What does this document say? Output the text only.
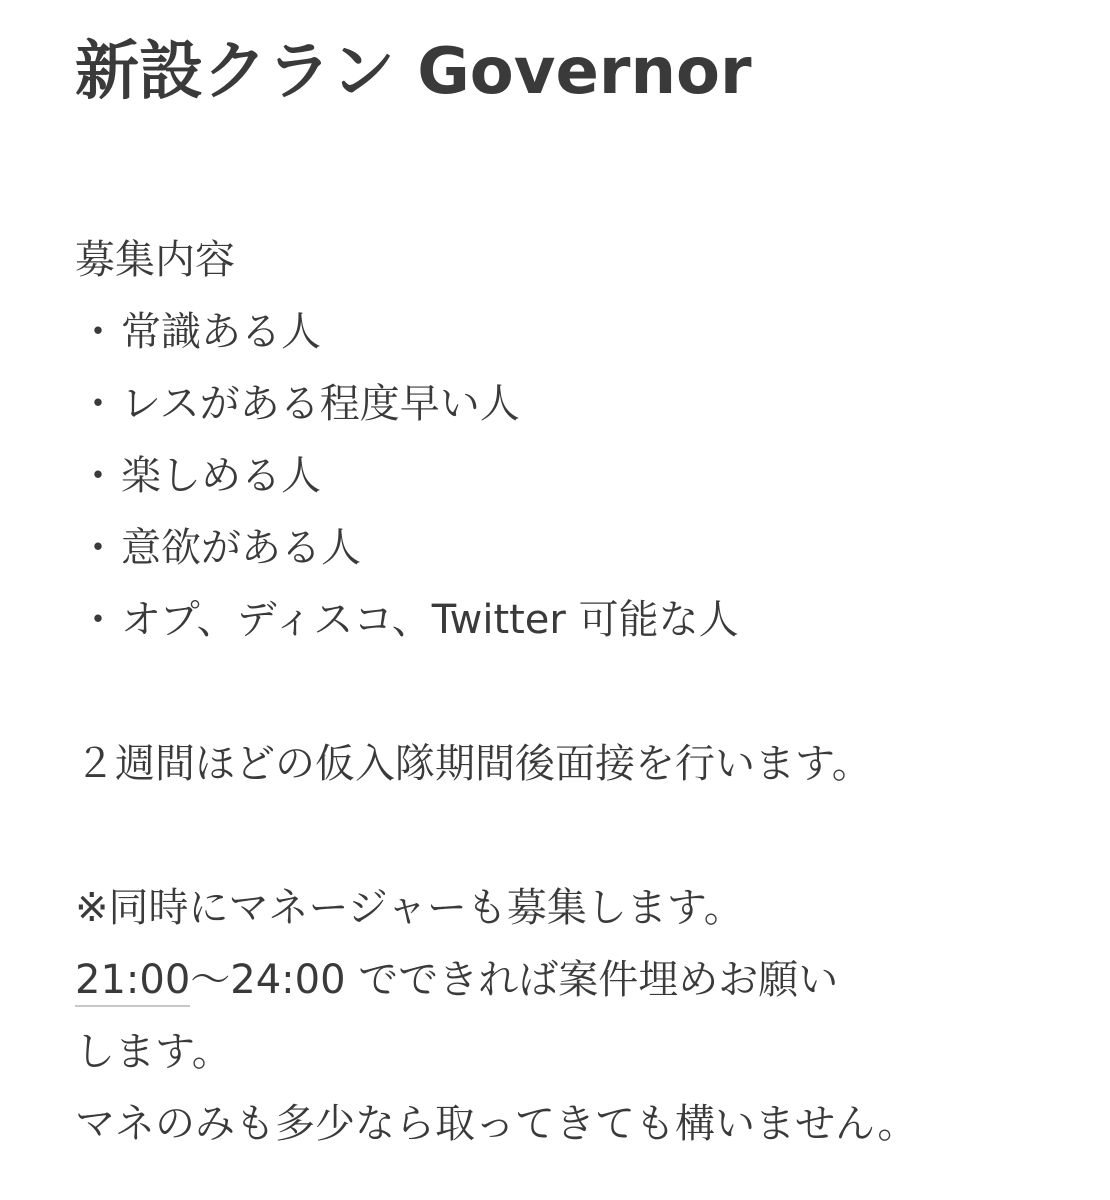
新設クラン Governor
募集内容
・常識ある人
・レスがある程度早い人
・楽しめる人
・意欲がある人
・オプ、ディスコ、Twitter 可能な人
２週間ほどの仮入隊期間後面接を行います。
※同時にマネージャーも募集します。
21:00～24:00 でできれば案件埋めお願い
します。
マネのみも多少なら取ってきても構いません。
